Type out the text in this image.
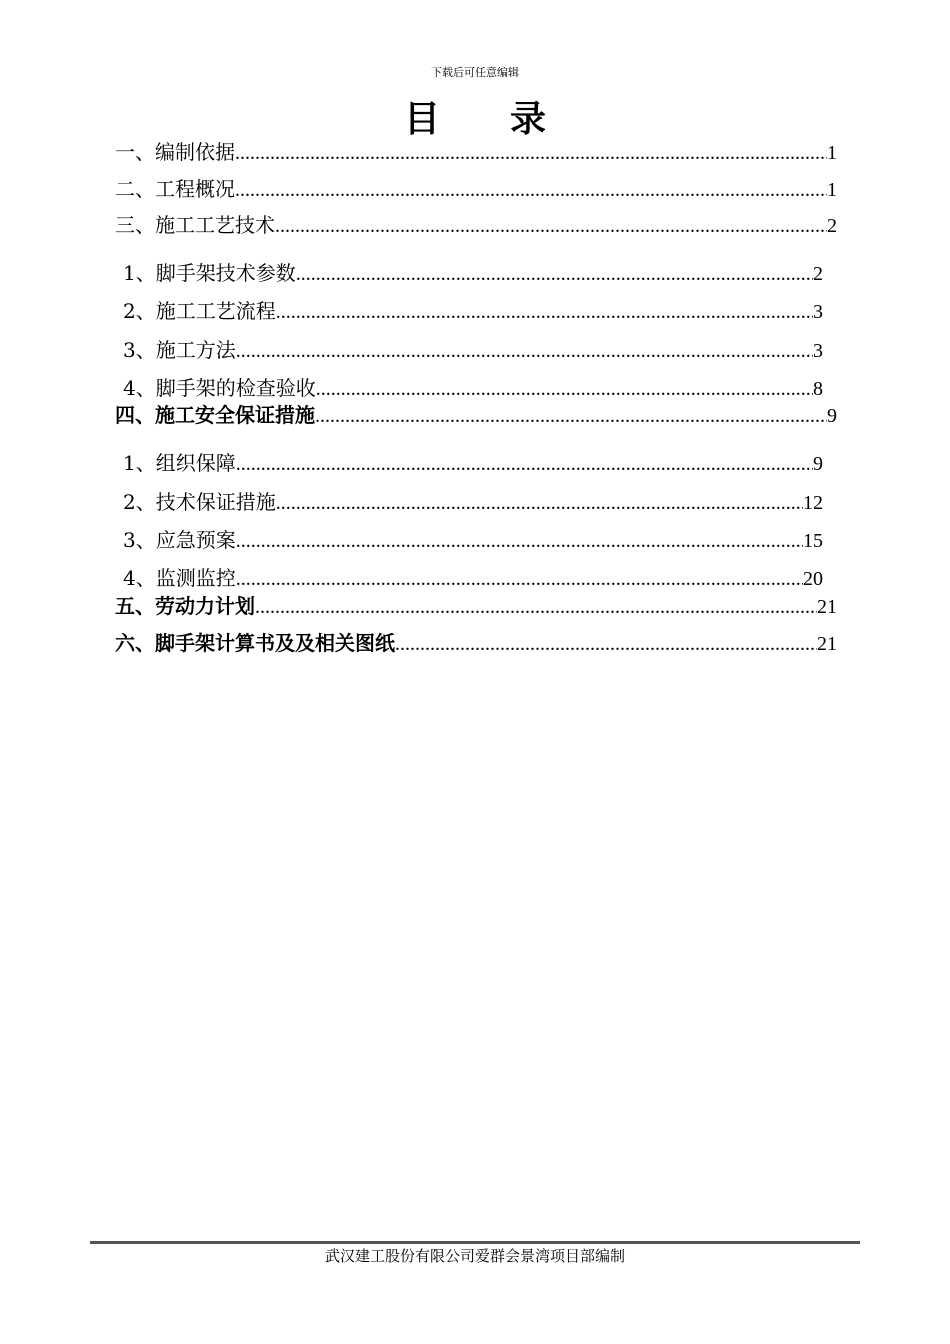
下载后可任意编辑
目 录
一、编制依据 .....	1
二、工程概况 .....	1
三、施工工艺技术 .....	2
1、脚手架技术参数 .....	2
2、施工工艺流程 .....	3
3、施工方法 .....	3
4、脚手架的检查验收 .....	8
四、施工安全保证措施 .....	9
1、组织保障 .....	9
2、技术保证措施 .....	12
3、应急预案 .....	15
4、监测监控 .....	20
五、劳动力计划 .....	21
六、脚手架计算书及及相关图纸 .....	21
武汉建工股份有限公司爱群会景湾项目部编制
